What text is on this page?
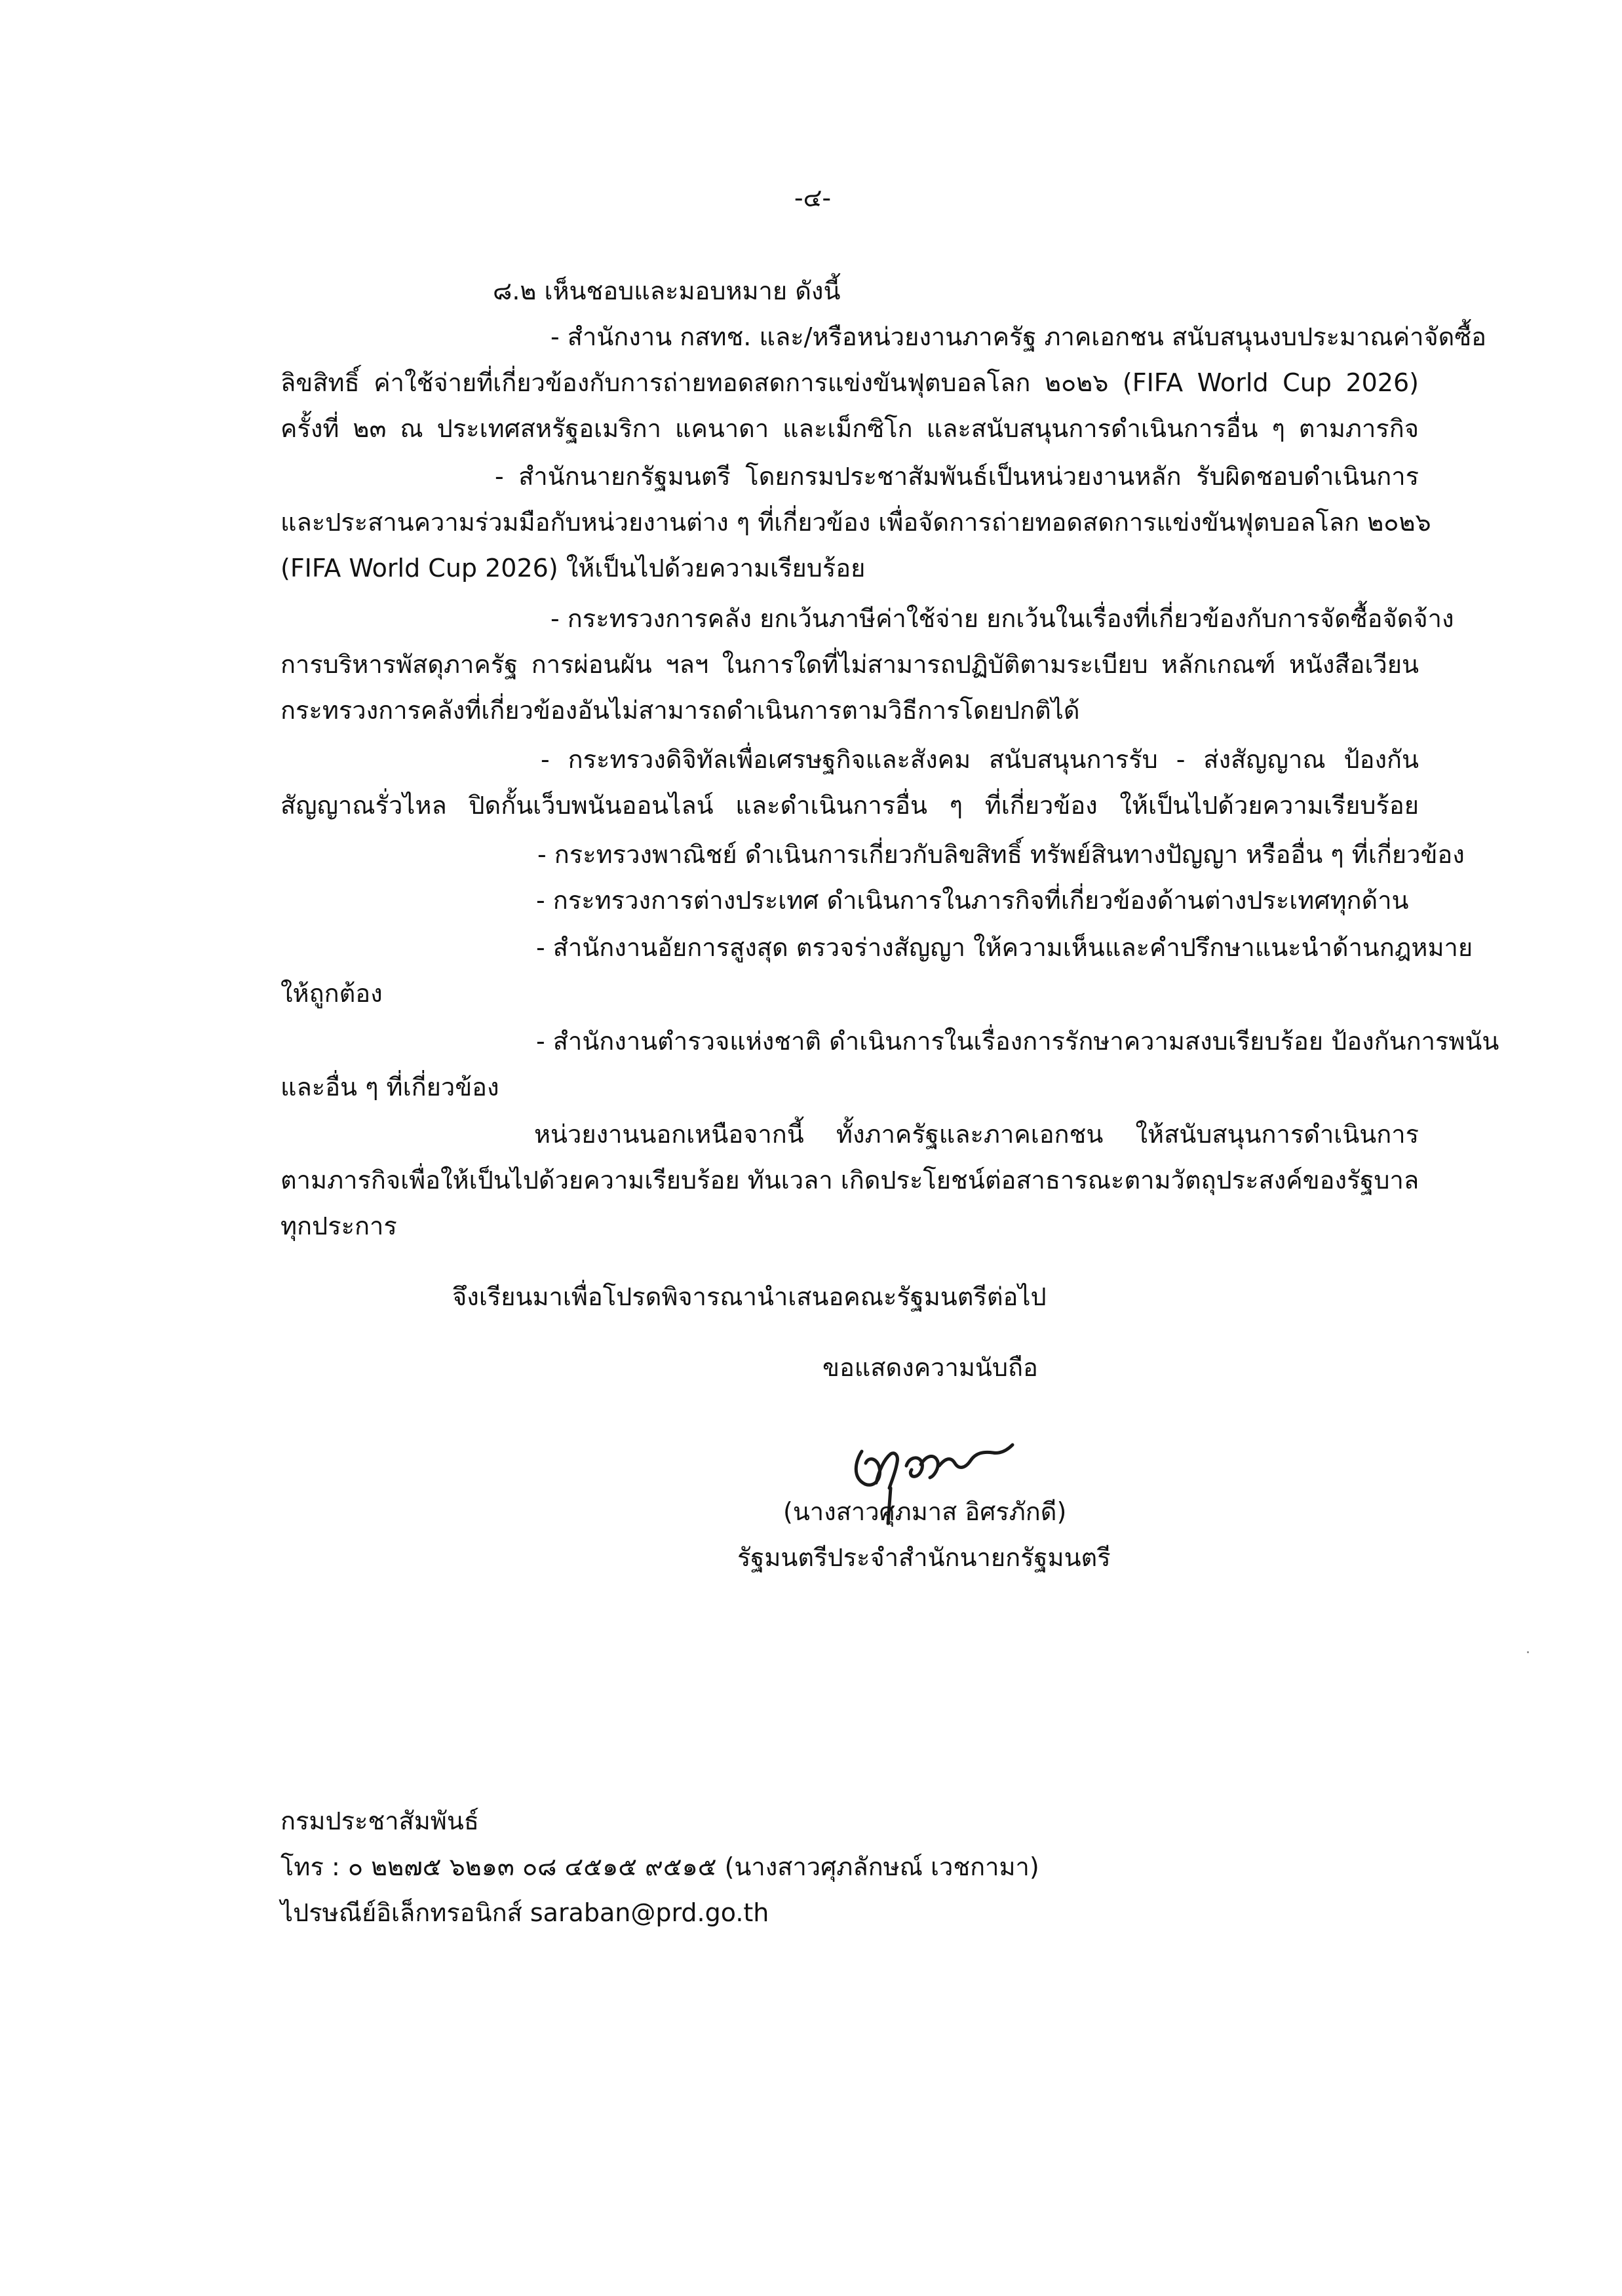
-๔-
๘.๒ เห็นชอบและมอบหมาย ดังนี้
- สำนักงาน กสทช. และ/หรือหน่วยงานภาครัฐ ภาคเอกชน สนับสนุนงบประมาณค่าจัดซื้อ
ลิขสิทธิ์ ค่าใช้จ่ายที่เกี่ยวข้องกับการถ่ายทอดสดการแข่งขันฟุตบอลโลก ๒๐๒๖ (FIFA World Cup 2026)
ครั้งที่ ๒๓ ณ ประเทศสหรัฐอเมริกา แคนาดา และเม็กซิโก และสนับสนุนการดำเนินการอื่น ๆ ตามภารกิจ
- สำนักนายกรัฐมนตรี โดยกรมประชาสัมพันธ์เป็นหน่วยงานหลัก รับผิดชอบดำเนินการ
และประสานความร่วมมือกับหน่วยงานต่าง ๆ ที่เกี่ยวข้อง เพื่อจัดการถ่ายทอดสดการแข่งขันฟุตบอลโลก ๒๐๒๖
(FIFA World Cup 2026) ให้เป็นไปด้วยความเรียบร้อย
- กระทรวงการคลัง ยกเว้นภาษีค่าใช้จ่าย ยกเว้นในเรื่องที่เกี่ยวข้องกับการจัดซื้อจัดจ้าง
การบริหารพัสดุภาครัฐ การผ่อนผัน ฯลฯ ในการใดที่ไม่สามารถปฏิบัติตามระเบียบ หลักเกณฑ์ หนังสือเวียน
กระทรวงการคลังที่เกี่ยวข้องอันไม่สามารถดำเนินการตามวิธีการโดยปกติได้
- กระทรวงดิจิทัลเพื่อเศรษฐกิจและสังคม สนับสนุนการรับ - ส่งสัญญาณ ป้องกัน
สัญญาณรั่วไหล ปิดกั้นเว็บพนันออนไลน์ และดำเนินการอื่น ๆ ที่เกี่ยวข้อง ให้เป็นไปด้วยความเรียบร้อย
- กระทรวงพาณิชย์ ดำเนินการเกี่ยวกับลิขสิทธิ์ ทรัพย์สินทางปัญญา หรืออื่น ๆ ที่เกี่ยวข้อง
- กระทรวงการต่างประเทศ ดำเนินการในภารกิจที่เกี่ยวข้องด้านต่างประเทศทุกด้าน
- สำนักงานอัยการสูงสุด ตรวจร่างสัญญา ให้ความเห็นและคำปรึกษาแนะนำด้านกฎหมาย
ให้ถูกต้อง
- สำนักงานตำรวจแห่งชาติ ดำเนินการในเรื่องการรักษาความสงบเรียบร้อย ป้องกันการพนัน
และอื่น ๆ ที่เกี่ยวข้อง
หน่วยงานนอกเหนือจากนี้ ทั้งภาครัฐและภาคเอกชน ให้สนับสนุนการดำเนินการ
ตามภารกิจเพื่อให้เป็นไปด้วยความเรียบร้อย ทันเวลา เกิดประโยชน์ต่อสาธารณะตามวัตถุประสงค์ของรัฐบาล
ทุกประการ
จึงเรียนมาเพื่อโปรดพิจารณานำเสนอคณะรัฐมนตรีต่อไป
ขอแสดงความนับถือ
(นางสาวศุภมาส อิศรภักดี)
รัฐมนตรีประจำสำนักนายกรัฐมนตรี
กรมประชาสัมพันธ์
โทร : ๐ ๒๒๗๕ ๖๒๑๓ ๐๘ ๔๕๑๕ ๙๕๑๕ (นางสาวศุภลักษณ์ เวชกามา)
ไปรษณีย์อิเล็กทรอนิกส์ saraban@prd.go.th
